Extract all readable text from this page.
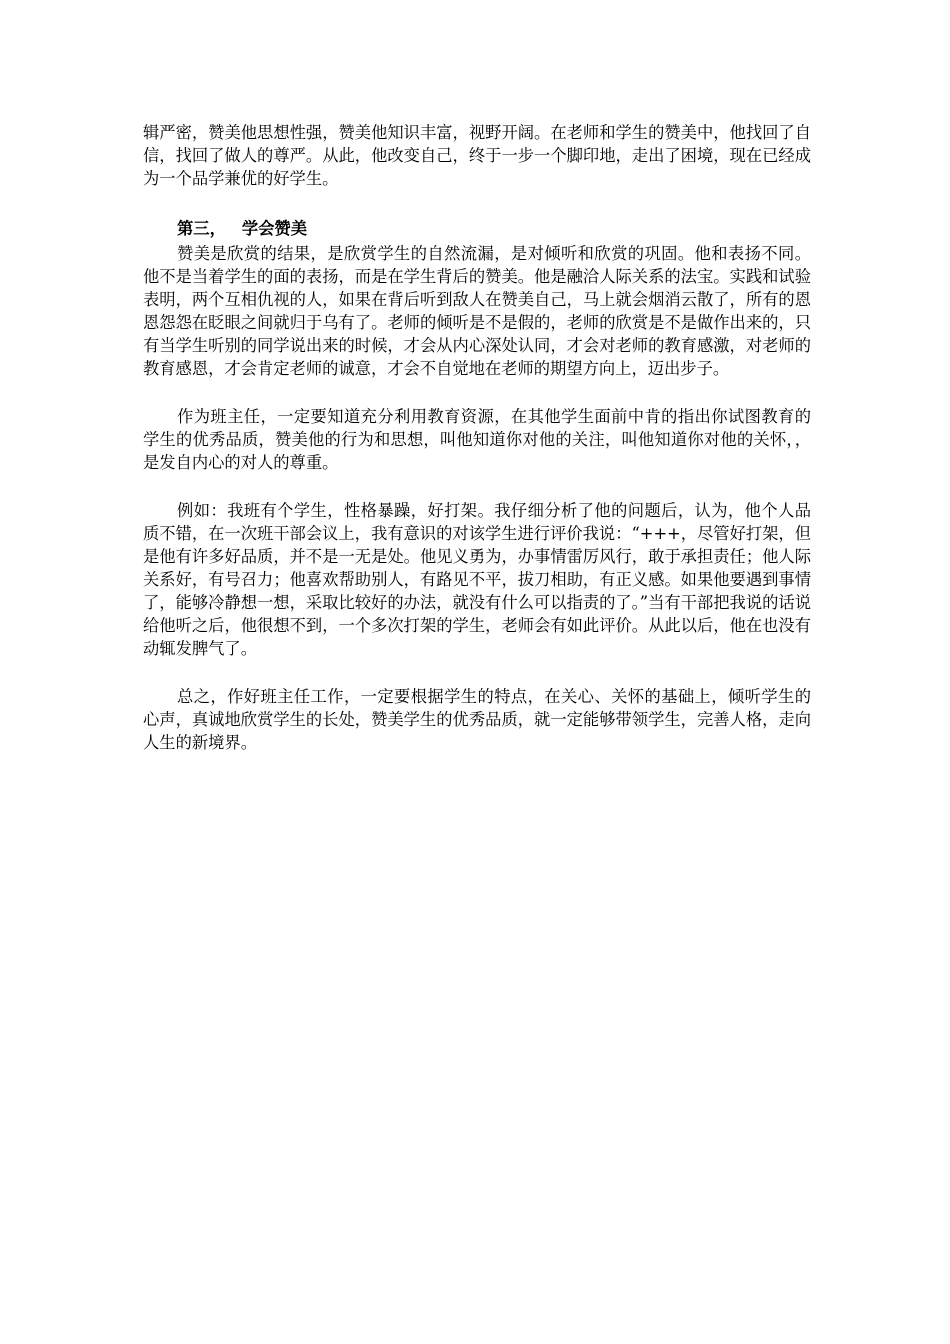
辑严密，赞美他思想性强，赞美他知识丰富，视野开阔。在老师和学生的赞美中，他找回了自信，找回了做人的尊严。从此，他改变自己，终于一步一个脚印地，走出了困境，现在已经成为一个品学兼优的好学生。

第三， 学会赞美

赞美是欣赏的结果，是欣赏学生的自然流漏，是对倾听和欣赏的巩固。他和表扬不同。他不是当着学生的面的表扬，而是在学生背后的赞美。他是融洽人际关系的法宝。实践和试验表明，两个互相仇视的人，如果在背后听到敌人在赞美自己，马上就会烟消云散了，所有的恩恩怨怨在眨眼之间就归于乌有了。老师的倾听是不是假的，老师的欣赏是不是做作出来的，只有当学生听别的同学说出来的时候，才会从内心深处认同，才会对老师的教育感激，对老师的教育感恩，才会肯定老师的诚意，才会不自觉地在老师的期望方向上，迈出步子。

作为班主任，一定要知道充分利用教育资源，在其他学生面前中肯的指出你试图教育的学生的优秀品质，赞美他的行为和思想，叫他知道你对他的关注，叫他知道你对他的关怀，，是发自内心的对人的尊重。

例如：我班有个学生，性格暴躁，好打架。我仔细分析了他的问题后，认为，他个人品质不错，在一次班干部会议上，我有意识的对该学生进行评价我说：“+++，尽管好打架，但是他有许多好品质，并不是一无是处。他见义勇为，办事情雷厉风行，敢于承担责任；他人际关系好，有号召力；他喜欢帮助别人，有路见不平，拔刀相助，有正义感。如果他要遇到事情了，能够冷静想一想，采取比较好的办法，就没有什么可以指责的了。”当有干部把我说的话说给他听之后，他很想不到，一个多次打架的学生，老师会有如此评价。从此以后，他在也没有动辄发脾气了。

总之，作好班主任工作，一定要根据学生的特点，在关心、关怀的基础上，倾听学生的心声，真诚地欣赏学生的长处，赞美学生的优秀品质，就一定能够带领学生，完善人格，走向人生的新境界。
